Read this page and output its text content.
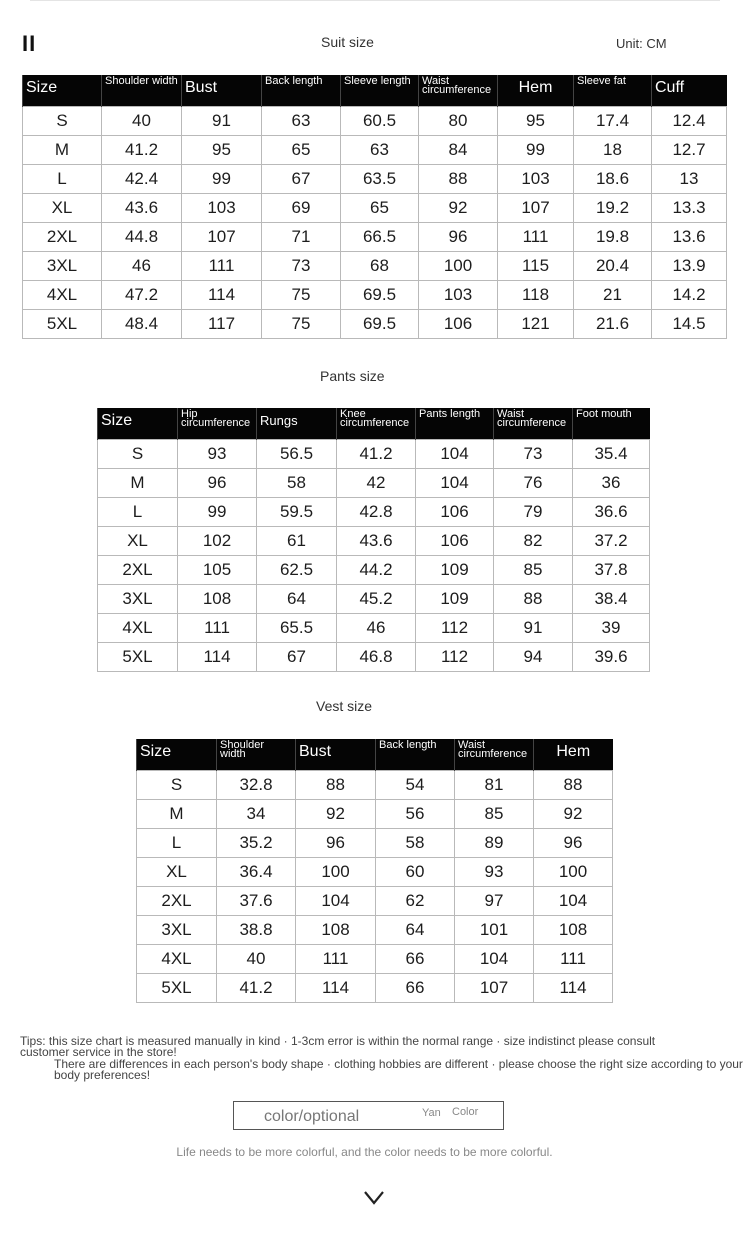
II	Suit size	Unit: CM
Size	Shoulder width	Bust	Back length	Sleeve length	Waist circumference	Hem	Sleeve fat	Cuff
S	40	91	63	60.5	80	95	17.4	12.4
M	41.2	95	65	63	84	99	18	12.7
L	42.4	99	67	63.5	88	103	18.6	13
XL	43.6	103	69	65	92	107	19.2	13.3
2XL	44.8	107	71	66.5	96	111	19.8	13.6
3XL	46	111	73	68	100	115	20.4	13.9
4XL	47.2	114	75	69.5	103	118	21	14.2
5XL	48.4	117	75	69.5	106	121	21.6	14.5
Pants size
Size	Hip circumference	Rungs	Knee circumference	Pants length	Waist circumference	Foot mouth
S	93	56.5	41.2	104	73	35.4
M	96	58	42	104	76	36
L	99	59.5	42.8	106	79	36.6
XL	102	61	43.6	106	82	37.2
2XL	105	62.5	44.2	109	85	37.8
3XL	108	64	45.2	109	88	38.4
4XL	111	65.5	46	112	91	39
5XL	114	67	46.8	112	94	39.6
Vest size
Size	Shoulder width	Bust	Back length	Waist circumference	Hem
S	32.8	88	54	81	88
M	34	92	56	85	92
L	35.2	96	58	89	96
XL	36.4	100	60	93	100
2XL	37.6	104	62	97	104
3XL	38.8	108	64	101	108
4XL	40	111	66	104	111
5XL	41.2	114	66	107	114
Tips: this size chart is measured manually in kind · 1-3cm error is within the normal range · size indistinct please consult customer service in the store!
There are differences in each person's body shape · clothing hobbies are different · please choose the right size according to your body preferences!
color/optional	Yan Color
Life needs to be more colorful, and the color needs to be more colorful.
